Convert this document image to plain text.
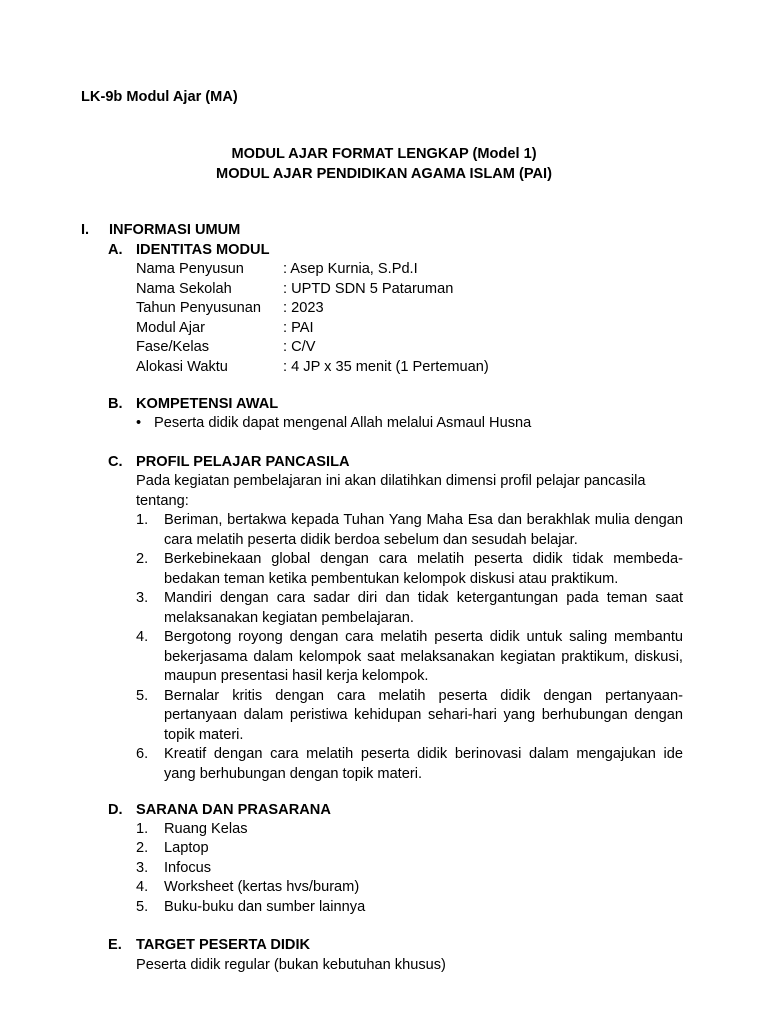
LK-9b Modul Ajar (MA)
MODUL AJAR FORMAT LENGKAP (Model 1)
MODUL AJAR PENDIDIKAN AGAMA ISLAM (PAI)
I. INFORMASI UMUM
A. IDENTITAS MODUL
Nama Penyusun	: Asep Kurnia, S.Pd.I
Nama Sekolah	: UPTD SDN 5 Pataruman
Tahun Penyusunan	: 2023
Modul Ajar	: PAI
Fase/Kelas	: C/V
Alokasi Waktu	: 4 JP x 35 menit (1 Pertemuan)
B. KOMPETENSI AWAL
• Peserta didik dapat mengenal Allah melalui Asmaul Husna
C. PROFIL PELAJAR PANCASILA
Pada kegiatan pembelajaran ini akan dilatihkan dimensi profil pelajar pancasila tentang:
1.	Beriman, bertakwa kepada Tuhan Yang Maha Esa dan berakhlak mulia dengan cara melatih peserta didik berdoa sebelum dan sesudah belajar.
2.	Berkebinekaan global dengan cara melatih peserta didik tidak membeda-bedakan teman ketika pembentukan kelompok diskusi atau praktikum.
3.	Mandiri dengan cara sadar diri dan tidak ketergantungan pada teman saat melaksanakan kegiatan pembelajaran.
4.	Bergotong royong dengan cara melatih peserta didik untuk saling membantu bekerjasama dalam kelompok saat melaksanakan kegiatan praktikum, diskusi, maupun presentasi hasil kerja kelompok.
5.	Bernalar kritis dengan cara melatih peserta didik dengan pertanyaan-pertanyaan dalam peristiwa kehidupan sehari-hari yang berhubungan dengan topik materi.
6.	Kreatif dengan cara melatih peserta didik berinovasi dalam mengajukan ide yang berhubungan dengan topik materi.
D. SARANA DAN PRASARANA
1.	Ruang Kelas
2.	Laptop
3.	Infocus
4.	Worksheet (kertas hvs/buram)
5.	Buku-buku dan sumber lainnya
E. TARGET PESERTA DIDIK
Peserta didik regular (bukan kebutuhan khusus)
